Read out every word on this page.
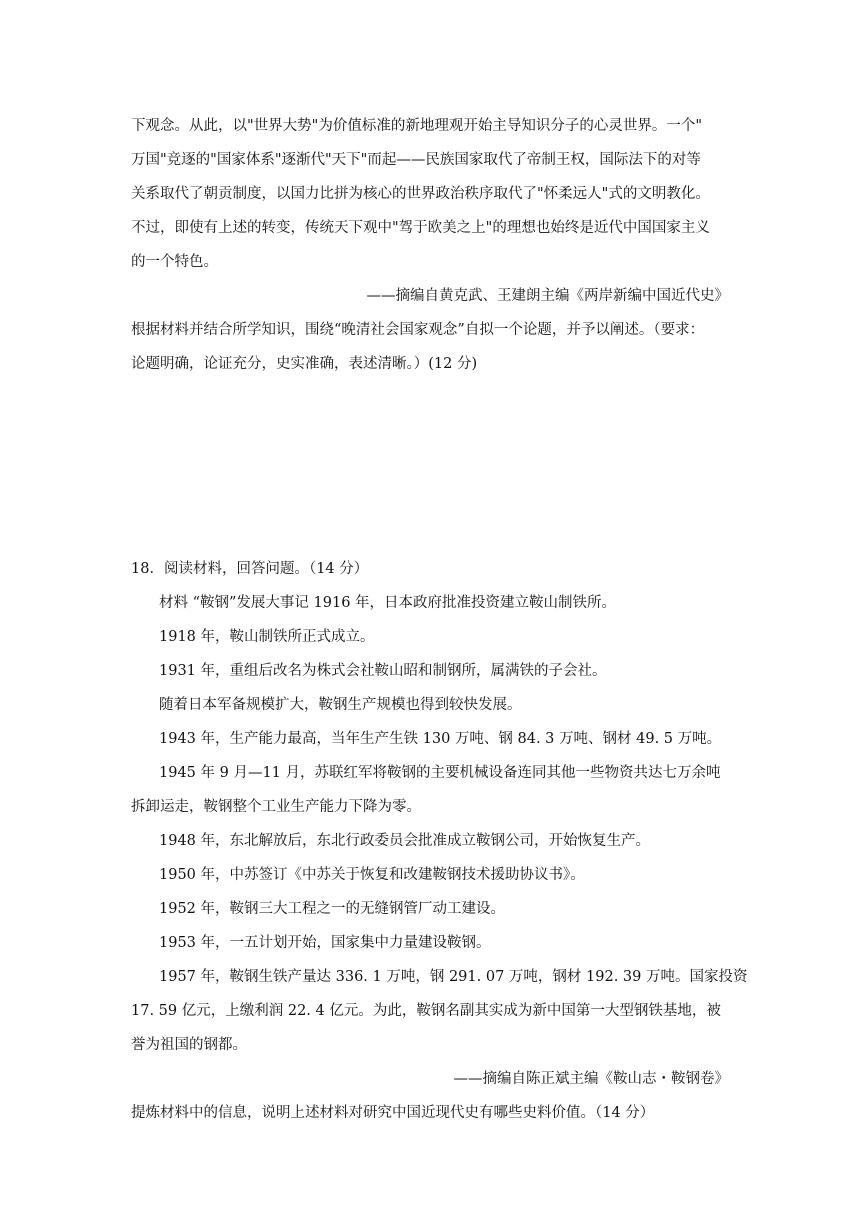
下观念。从此，以"世界大势"为价值标准的新地理观开始主导知识分子的心灵世界。一个"
万国"竞逐的"国家体系"逐渐代"天下"而起——民族国家取代了帝制王权，国际法下的对等
关系取代了朝贡制度，以国力比拼为核心的世界政治秩序取代了"怀柔远人"式的文明教化。
不过，即使有上述的转变，传统天下观中"驾于欧美之上"的理想也始终是近代中国国家主义
的一个特色。
——摘编自黄克武、王建朗主编《两岸新编中国近代史》
根据材料并结合所学知识，围绕“晚清社会国家观念”自拟一个论题，并予以阐述。（要求：
论题明确，论证充分，史实准确，表述清晰。）(12 分)
18．阅读材料，回答问题。（14 分）
材料 “鞍钢”发展大事记 1916 年，日本政府批准投资建立鞍山制铁所。
1918 年，鞍山制铁所正式成立。
1931 年，重组后改名为株式会社鞍山昭和制钢所，属满铁的子会社。
随着日本军备规模扩大，鞍钢生产规模也得到较快发展。
1943 年，生产能力最高，当年生产生铁 130 万吨、钢 84. 3 万吨、钢材 49. 5 万吨。
1945 年 9 月—11 月，苏联红军将鞍钢的主要机械设备连同其他一些物资共达七万余吨
拆卸运走，鞍钢整个工业生产能力下降为零。
1948 年，东北解放后，东北行政委员会批准成立鞍钢公司，开始恢复生产。
1950 年，中苏签订《中苏关于恢复和改建鞍钢技术援助协议书》。
1952 年，鞍钢三大工程之一的无缝钢管厂动工建设。
1953 年，一五计划开始，国家集中力量建设鞍钢。
1957 年，鞍钢生铁产量达 336. 1 万吨，钢 291. 07 万吨，钢材 192. 39 万吨。国家投资
17. 59 亿元，上缴利润 22. 4 亿元。为此，鞍钢名副其实成为新中国第一大型钢铁基地，被
誉为祖国的钢都。
——摘编自陈正斌主编《鞍山志・鞍钢卷》
提炼材料中的信息，说明上述材料对研究中国近现代史有哪些史料价值。（14 分）
